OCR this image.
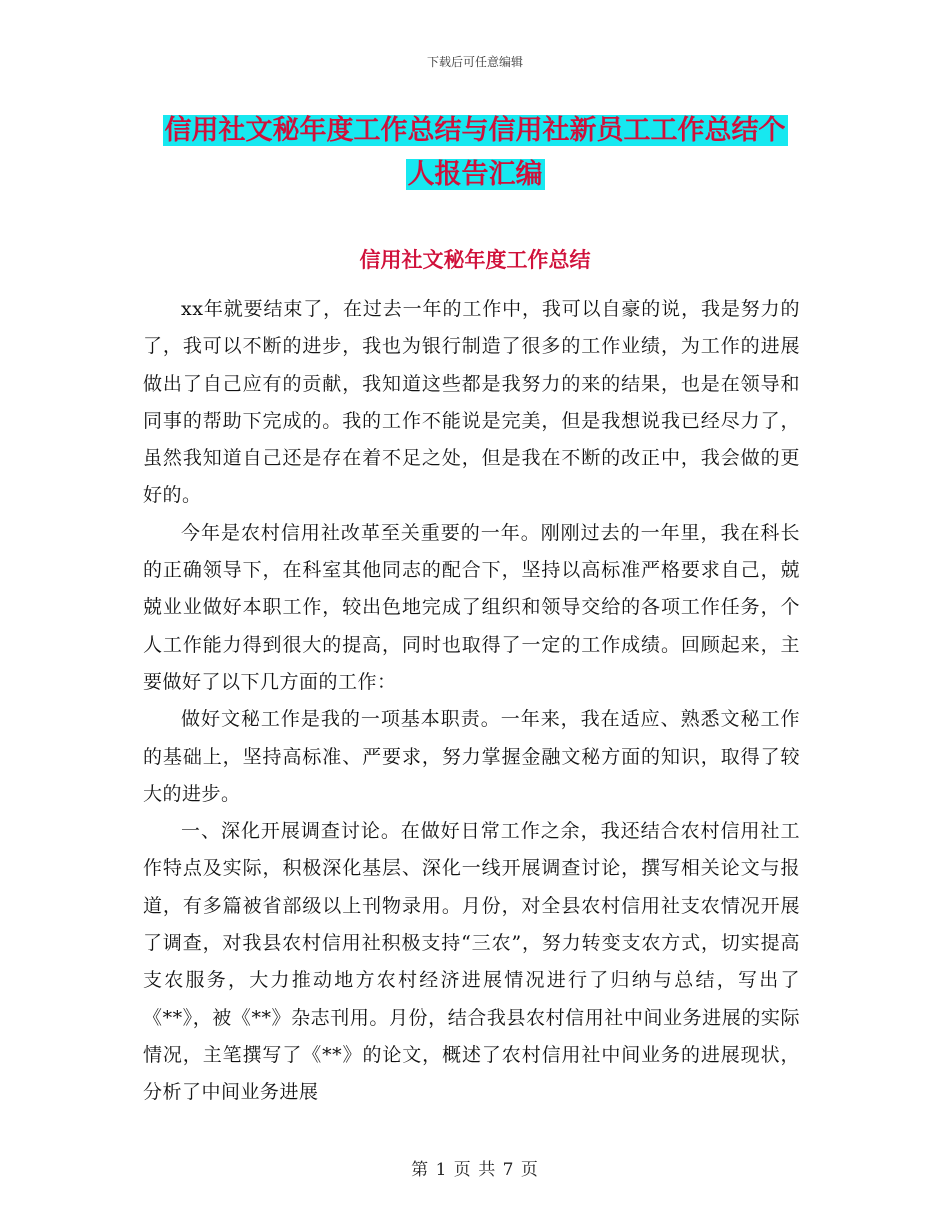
下载后可任意编辑
信用社文秘年度工作总结与信用社新员工工作总结个
人报告汇编
信用社文秘年度工作总结

xx年就要结束了，在过去一年的工作中，我可以自豪的说，我是努力的了，我可以不断的进步，我也为银行制造了很多的工作业绩，为工作的进展做出了自己应有的贡献，我知道这些都是我努力的来的结果，也是在领导和同事的帮助下完成的。我的工作不能说是完美，但是我想说我已经尽力了，虽然我知道自己还是存在着不足之处，但是我在不断的改正中，我会做的更好的。

今年是农村信用社改革至关重要的一年。刚刚过去的一年里，我在科长的正确领导下，在科室其他同志的配合下，坚持以高标准严格要求自己，兢兢业业做好本职工作，较出色地完成了组织和领导交给的各项工作任务，个人工作能力得到很大的提高，同时也取得了一定的工作成绩。回顾起来，主要做好了以下几方面的工作：

做好文秘工作是我的一项基本职责。一年来，我在适应、熟悉文秘工作的基础上，坚持高标准、严要求，努力掌握金融文秘方面的知识，取得了较大的进步。

一、深化开展调查讨论。在做好日常工作之余，我还结合农村信用社工作特点及实际，积极深化基层、深化一线开展调查讨论，撰写相关论文与报道，有多篇被省部级以上刊物录用。月份，对全县农村信用社支农情况开展了调查，对我县农村信用社积极支持“三农”，努力转变支农方式，切实提高支农服务，大力推动地方农村经济进展情况进行了归纳与总结，写出了《**》，被《**》杂志刊用。月份，结合我县农村信用社中间业务进展的实际情况，主笔撰写了《**》的论文，概述了农村信用社中间业务的进展现状，分析了中间业务进展

第 1 页 共 7 页
